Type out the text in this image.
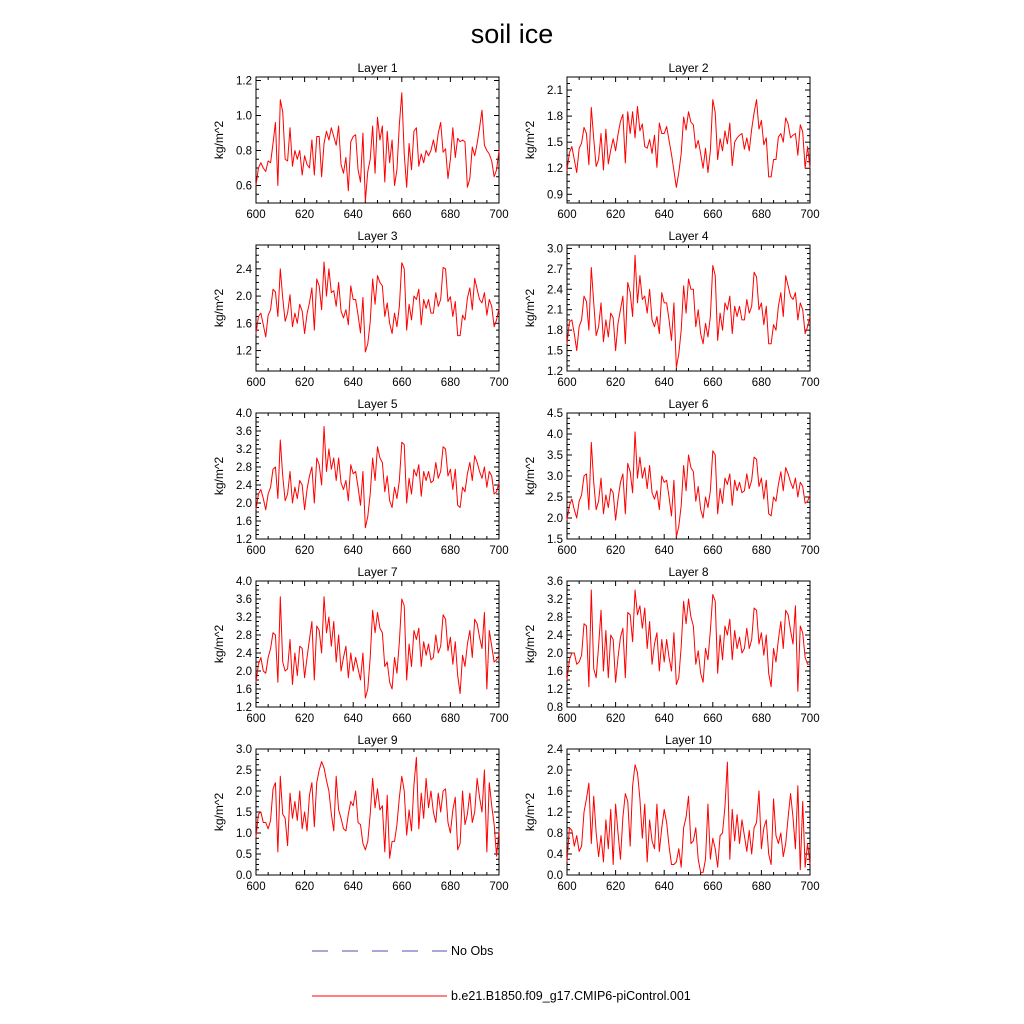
soil ice
Layer 1
600	620	640	660	680	700
0.6
0.8
1.0
1.2
kg/m^2
Layer 2
600	620	640	660	680	700
0.9
1.2
1.5
1.8
2.1
kg/m^2
Layer 3
600	620	640	660	680	700
1.2
1.6
2.0
2.4
kg/m^2
Layer 4
600	620	640	660	680	700
1.2
1.5
1.8
2.1
2.4
2.7
3.0
kg/m^2
Layer 5
600	620	640	660	680	700
1.2
1.6
2.0
2.4
2.8
3.2
3.6
4.0
kg/m^2
Layer 6
600	620	640	660	680	700
1.5
2.0
2.5
3.0
3.5
4.0
4.5
kg/m^2
Layer 7
600	620	640	660	680	700
1.2
1.6
2.0
2.4
2.8
3.2
3.6
4.0
kg/m^2
Layer 8
600	620	640	660	680	700
0.8
1.2
1.6
2.0
2.4
2.8
3.2
3.6
kg/m^2
Layer 9
600	620	640	660	680	700
0.0
0.5
1.0
1.5
2.0
2.5
3.0
kg/m^2
Layer 10
600	620	640	660	680	700
0.0
0.4
0.8
1.2
1.6
2.0
2.4
kg/m^2
No Obs
b.e21.B1850.f09_g17.CMIP6-piControl.001
